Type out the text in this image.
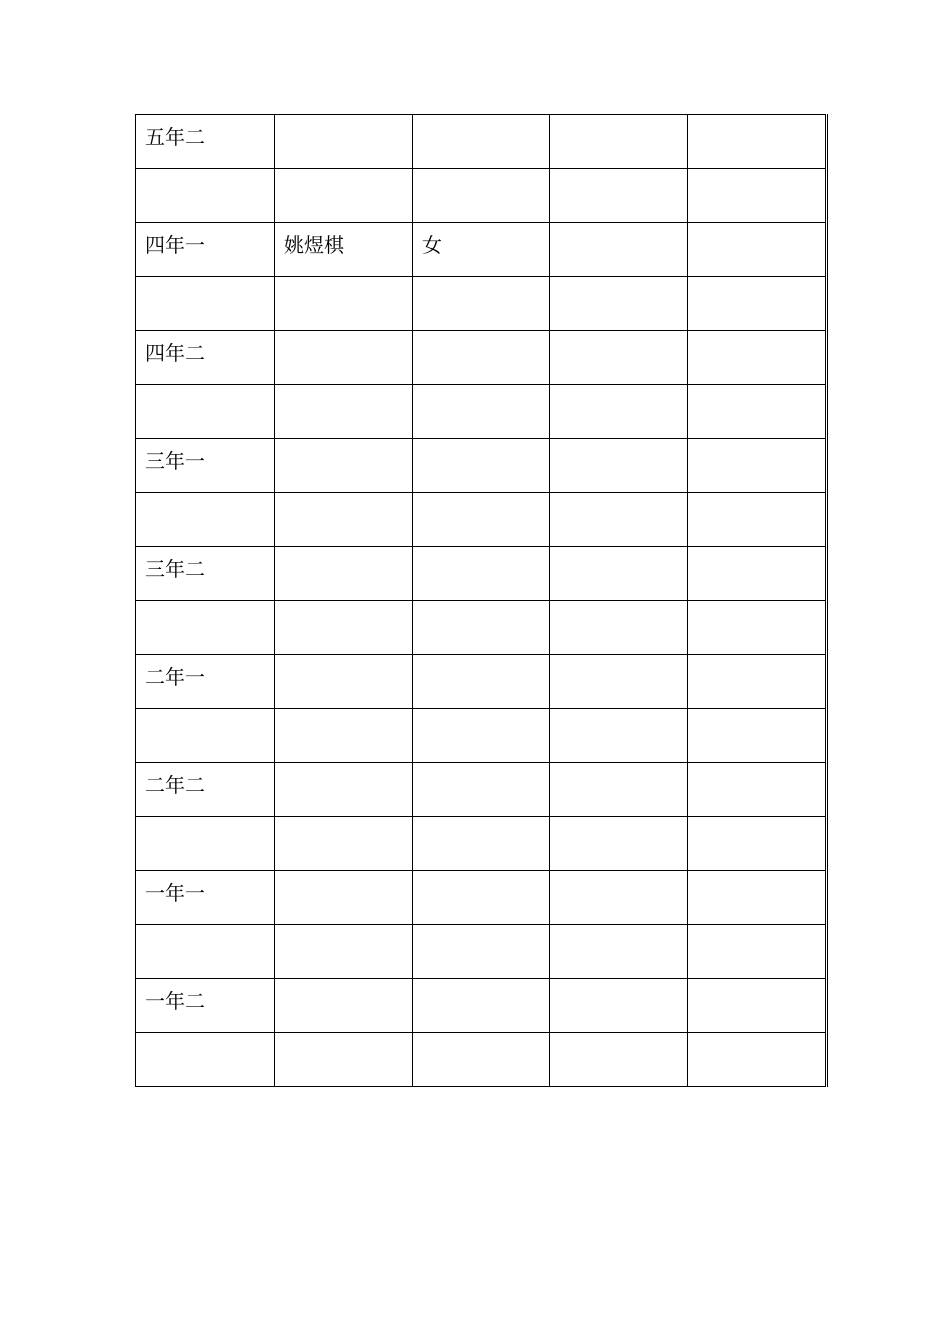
五年二				

四年一	姚煜棋	女		

四年二				

三年一				

三年二				

二年一				

二年二				

一年一				

一年二				
